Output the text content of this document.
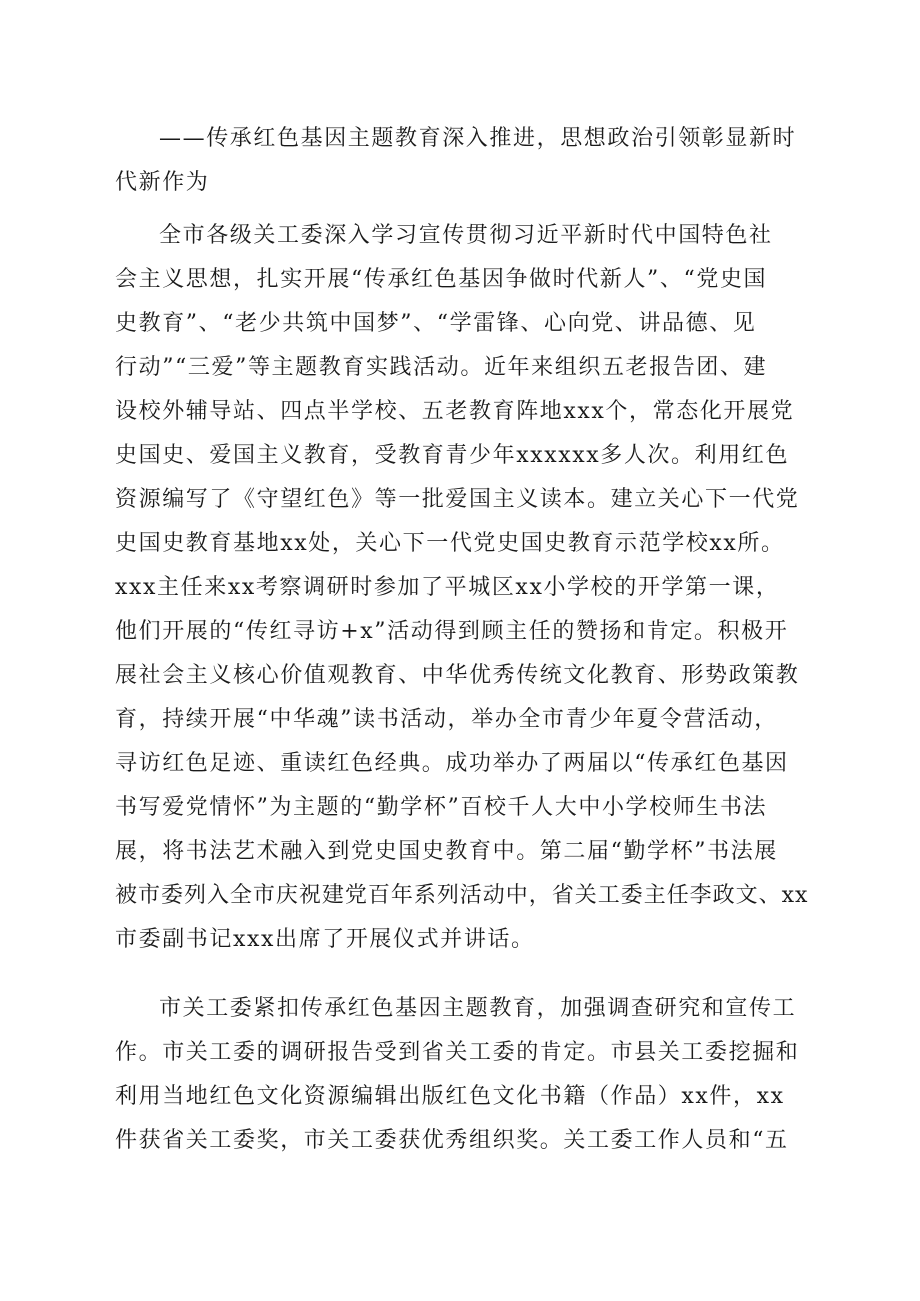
——传承红色基因主题教育深入推进，思想政治引领彰显新时

代新作为

全市各级关工委深入学习宣传贯彻习近平新时代中国特色社

会主义思想，扎实开展“传承红色基因争做时代新人”、“党史国

史教育”、“老少共筑中国梦”、“学雷锋、心向党、讲品德、见

行动”“三爱”等主题教育实践活动。近年来组织五老报告团、建

设校外辅导站、四点半学校、五老教育阵地xxx个，常态化开展党

史国史、爱国主义教育，受教育青少年xxxxxx多人次。利用红色

资源编写了《守望红色》等一批爱国主义读本。建立关心下一代党

史国史教育基地xx处，关心下一代党史国史教育示范学校xx所。

xxx主任来xx考察调研时参加了平城区xx小学校的开学第一课，

他们开展的“传红寻访+x”活动得到顾主任的赞扬和肯定。积极开

展社会主义核心价值观教育、中华优秀传统文化教育、形势政策教

育，持续开展“中华魂”读书活动，举办全市青少年夏令营活动，

寻访红色足迹、重读红色经典。成功举办了两届以“传承红色基因

书写爱党情怀”为主题的“勤学杯”百校千人大中小学校师生书法

展，将书法艺术融入到党史国史教育中。第二届“勤学杯”书法展

被市委列入全市庆祝建党百年系列活动中，省关工委主任李政文、xx

市委副书记xxx出席了开展仪式并讲话。

市关工委紧扣传承红色基因主题教育，加强调查研究和宣传工

作。市关工委的调研报告受到省关工委的肯定。市县关工委挖掘和

利用当地红色文化资源编辑出版红色文化书籍（作品）xx件，xx

件获省关工委奖，市关工委获优秀组织奖。关工委工作人员和“五
